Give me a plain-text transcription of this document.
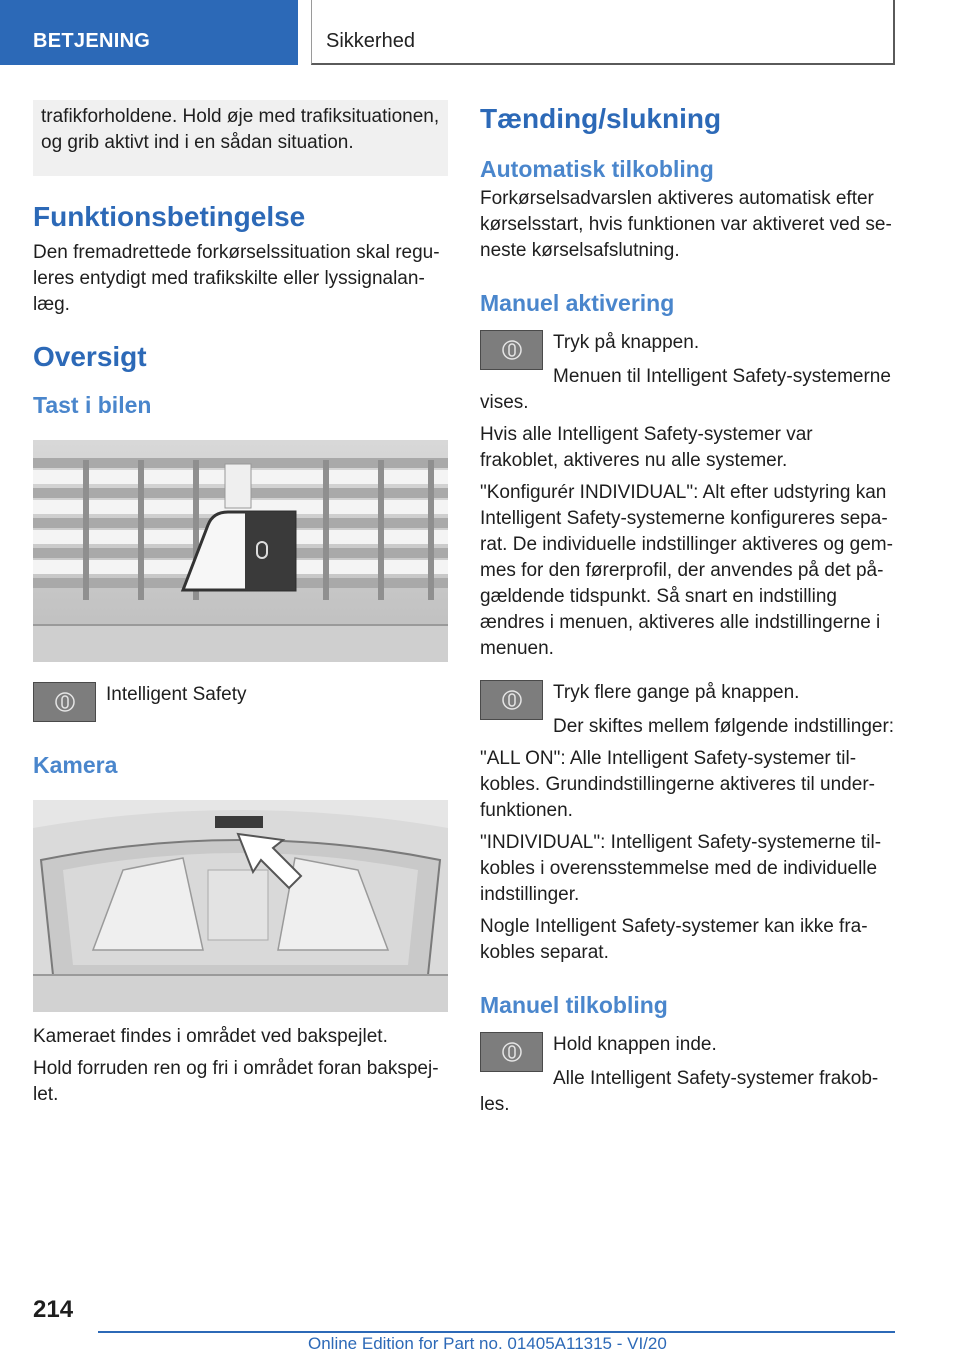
BETJENING	Sikkerhed

trafikforholdene. Hold øje med trafiksituationen, og grib aktivt ind i en sådan situation.

Funktionsbetingelse

Den fremadrettede forkørselssituation skal reguleres entydigt med trafikskilte eller lyssignalanlæg.

Oversigt
Tast i bilen

Intelligent Safety

Kamera

Kameraet findes i området ved bakspejlet.

Hold forruden ren og fri i området foran bakspejlet.

Tænding/slukning
Automatisk tilkobling

Forkørselsadvarslen aktiveres automatisk efter kørselsstart, hvis funktionen var aktiveret ved seneste kørselsafslutning.

Manuel aktivering

Tryk på knappen.

Menuen til Intelligent Safety-systemerne vises.

Hvis alle Intelligent Safety-systemer var frakoblet, aktiveres nu alle systemer.

"Konfigurér INDIVIDUAL": Alt efter udstyring kan Intelligent Safety-systemerne konfigureres separat. De individuelle indstillinger aktiveres og gemmes for den førerprofil, der anvendes på det pågældende tidspunkt. Så snart en indstilling ændres i menuen, aktiveres alle indstillingerne i menuen.

Tryk flere gange på knappen.

Der skiftes mellem følgende indstillinger:

"ALL ON": Alle Intelligent Safety-systemer tilkobles. Grundindstillingerne aktiveres til underfunktionen.

"INDIVIDUAL": Intelligent Safety-systemerne tilkobles i overensstemmelse med de individuelle indstillinger.

Nogle Intelligent Safety-systemer kan ikke frakobles separat.

Manuel tilkobling

Hold knappen inde.

Alle Intelligent Safety-systemer frakobles.

214
Online Edition for Part no. 01405A11315 - VI/20
